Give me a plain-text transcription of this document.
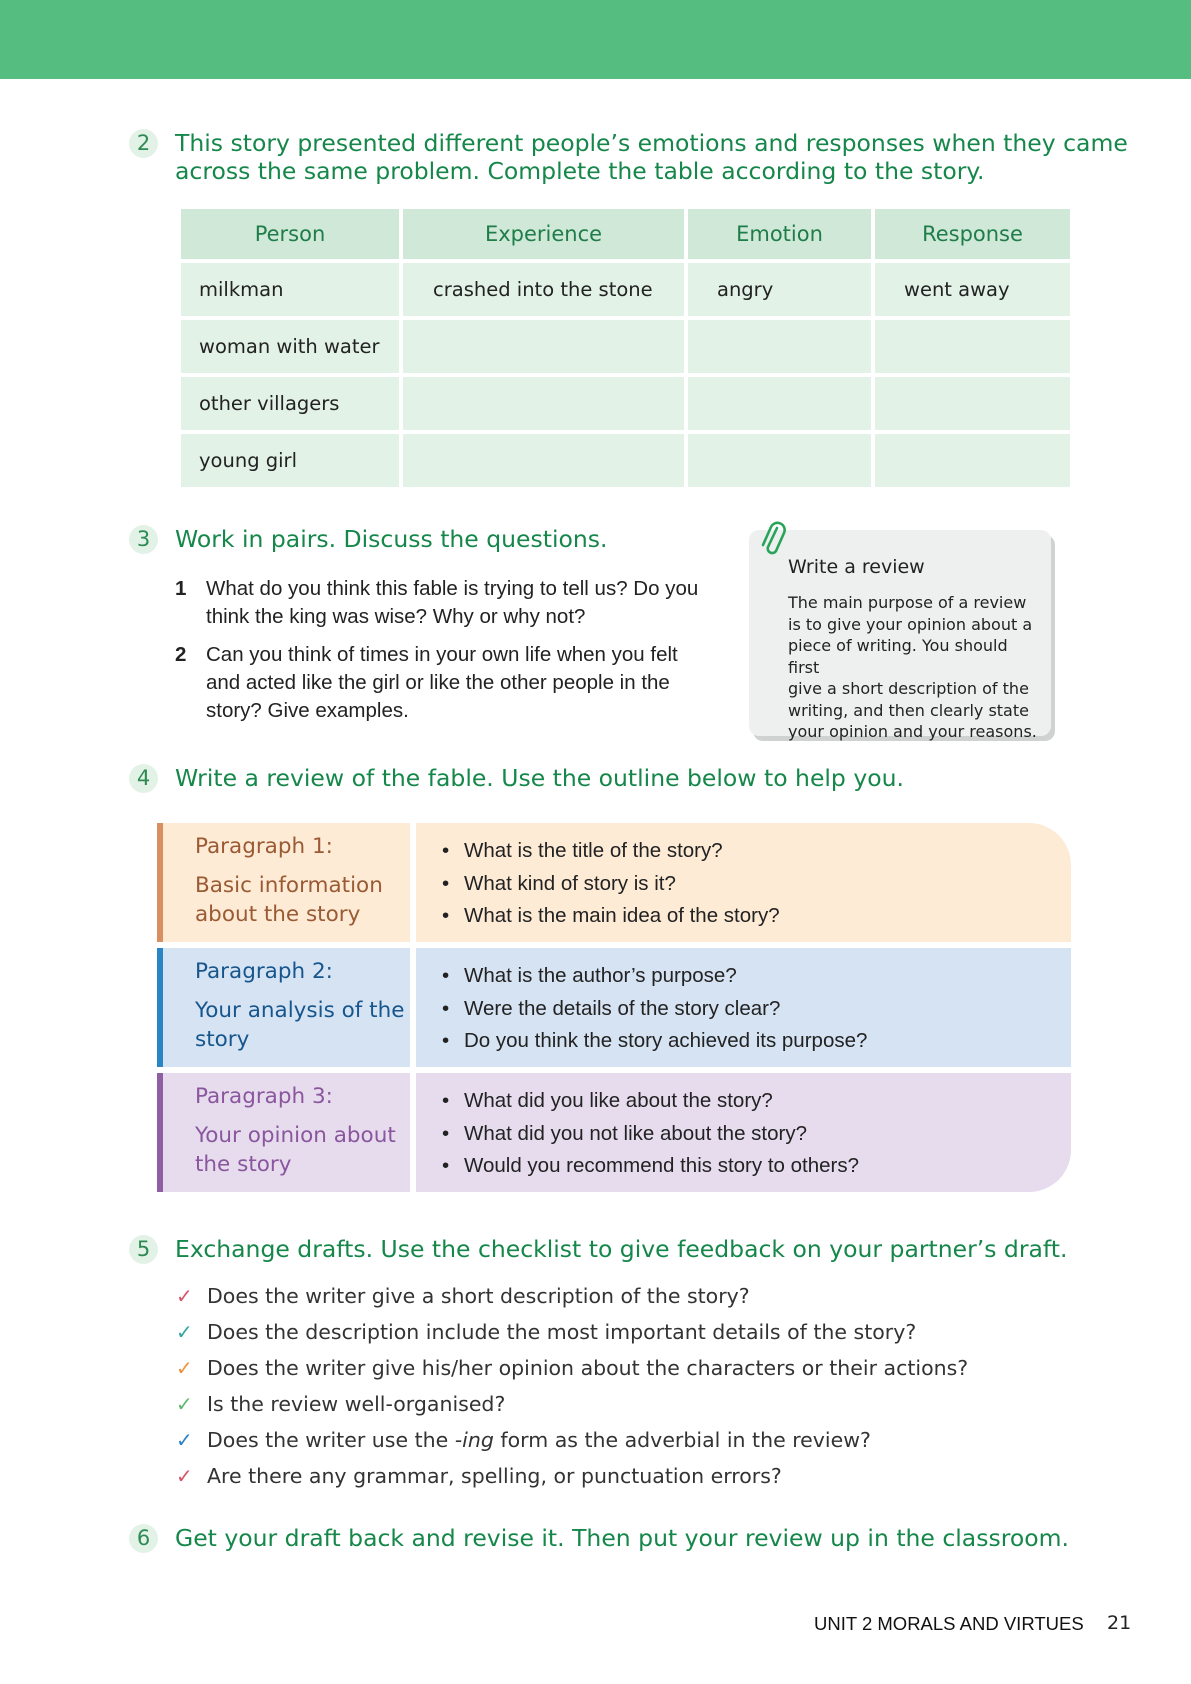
2	This story presented different people’s emotions and responses when they came
across the same problem. Complete the table according to the story.
Person	Experience	Emotion	Response
milkman	crashed into the stone	angry	went away
woman with water			
other villagers			
young girl			
3	Work in pairs. Discuss the questions.
1 What do you think this fable is trying to tell us? Do you
think the king was wise? Why or why not?
2 Can you think of times in your own life when you felt
and acted like the girl or like the other people in the
story? Give examples.
Write a review
The main purpose of a review
is to give your opinion about a
piece of writing. You should first
give a short description of the
writing, and then clearly state
your opinion and your reasons.
4	Write a review of the fable. Use the outline below to help you.
Paragraph 1:
Basic information about the story
• What is the title of the story?
• What kind of story is it?
• What is the main idea of the story?
Paragraph 2:
Your analysis of the story
• What is the author’s purpose?
• Were the details of the story clear?
• Do you think the story achieved its purpose?
Paragraph 3:
Your opinion about the story
• What did you like about the story?
• What did you not like about the story?
• Would you recommend this story to others?
5	Exchange drafts. Use the checklist to give feedback on your partner’s draft.
✓ Does the writer give a short description of the story?
✓ Does the description include the most important details of the story?
✓ Does the writer give his/her opinion about the characters or their actions?
✓ Is the review well-organised?
✓ Does the writer use the -ing form as the adverbial in the review?
✓ Are there any grammar, spelling, or punctuation errors?
6	Get your draft back and revise it. Then put your review up in the classroom.
UNIT 2 MORALS AND VIRTUES 21
